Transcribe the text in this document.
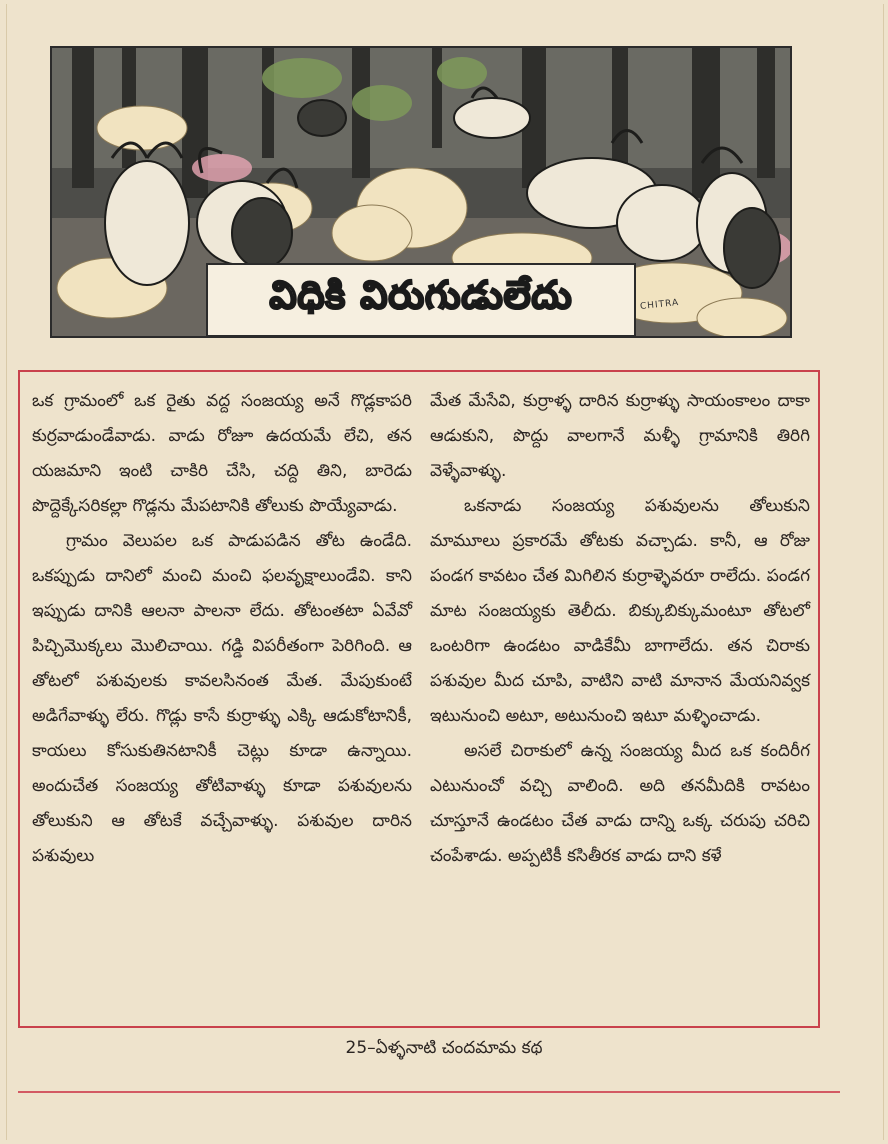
విధికి విరుగుడులేదు	CHITRA

ఒక గ్రామంలో ఒక రైతు వద్ద సంజయ్య అనే గొడ్లకాపరి కుర్రవాడుండేవాడు. వాడు రోజూ ఉదయమే లేచి, తన యజమాని ఇంటి చాకిరి చేసి, చద్ది తిని, బారెడు పొద్దెక్కేసరికల్లా గొడ్లను మేపటానికి తోలుకు పొయ్యేవాడు.

గ్రామం వెలుపల ఒక పాడుపడిన తోట ఉండేది. ఒకప్పుడు దానిలో మంచి మంచి ఫలవృక్షాలుండేవి. కాని ఇప్పుడు దానికి ఆలనా పాలనా లేదు. తోటంతటా ఏవేవో పిచ్చిమొక్కలు మొలిచాయి. గడ్డి విపరీతంగా పెరిగింది. ఆ తోటలో పశువులకు కావలసినంత మేత. మేపుకుంటే అడిగేవాళ్ళు లేరు. గొడ్లు కాసే కుర్రాళ్ళు ఎక్కి ఆడుకోటానికీ, కాయలు కోసుకుతినటానికీ చెట్లు కూడా ఉన్నాయి. అందుచేత సంజయ్య తోటివాళ్ళు కూడా పశువులను తోలుకుని ఆ తోటకే వచ్చేవాళ్ళు. పశువుల దారిన పశువులు

మేత మేసేవి, కుర్రాళ్ళ దారిన కుర్రాళ్ళు సాయంకాలం దాకా ఆడుకుని, పొద్దు వాలగానే మళ్ళీ గ్రామానికి తిరిగి వెళ్ళేవాళ్ళు.

ఒకనాడు సంజయ్య పశువులను తోలుకుని మామూలు ప్రకారమే తోటకు వచ్చాడు. కానీ, ఆ రోజు పండగ కావటం చేత మిగిలిన కుర్రాళ్ళెవరూ రాలేదు. పండగ మాట సంజయ్యకు తెలీదు. బిక్కుబిక్కుమంటూ తోటలో ఒంటరిగా ఉండటం వాడికేమీ బాగాలేదు. తన చిరాకు పశువుల మీద చూపి, వాటిని వాటి మానాన మేయనివ్వక ఇటునుంచి అటూ, అటునుంచి ఇటూ మళ్ళించాడు.

అసలే చిరాకులో ఉన్న సంజయ్య మీద ఒక కందిరీగ ఎటునుంచో వచ్చి వాలింది. అది తనమీదికి రావటం చూస్తూనే ఉండటం చేత వాడు దాన్ని ఒక్క చరుపు చరిచి చంపేశాడు. అప్పటికీ కసితీరక వాడు దాని కళే

25–ఏళ్ళనాటి చందమామ కథ
